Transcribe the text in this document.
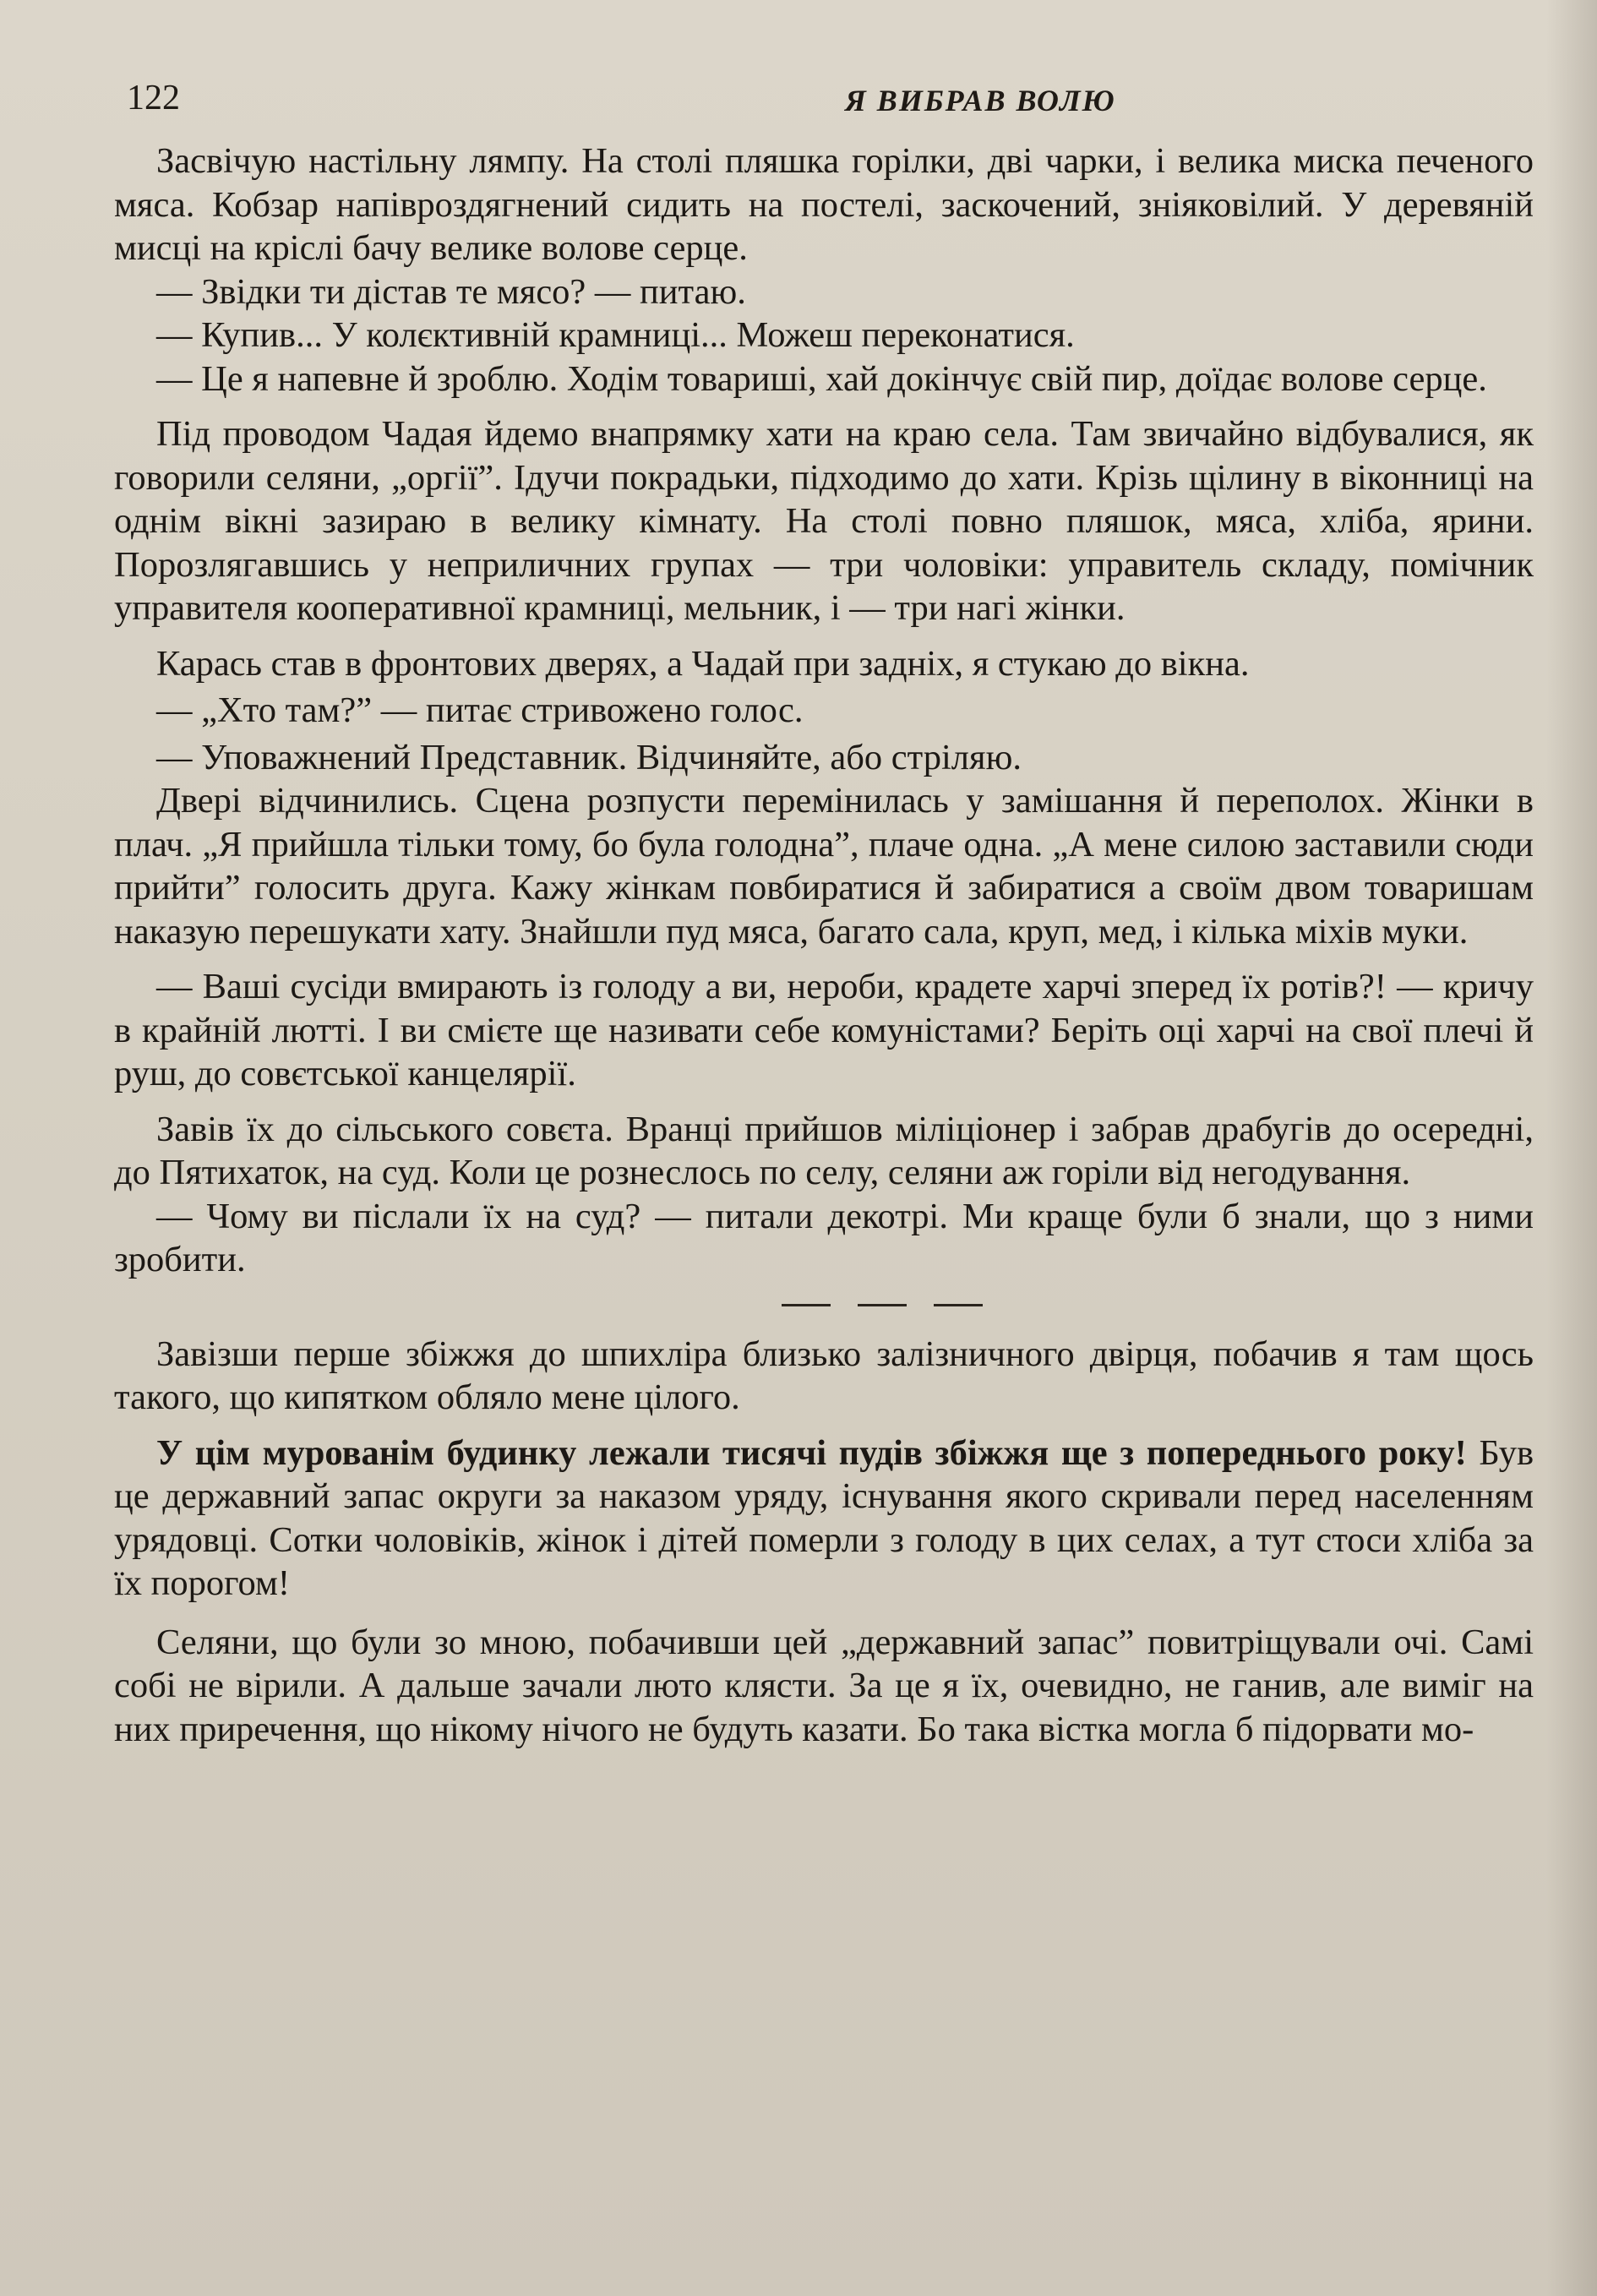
122	Я ВИБРАВ ВОЛЮ

Засвічую настільну лямпу. На столі пляшка горілки, дві чарки, і велика миска печеного мяса. Кобзар напівроздягнений сидить на постелі, заскочений, зніяковілий. У деревяній мисці на кріслі бачу велике волове серце.

— Звідки ти дістав те мясо? — питаю.

— Купив... У колєктивній крамниці... Можеш переконатися.

— Це я напевне й зроблю. Ходім товариші, хай докінчує свій пир, доїдає волове серце.

Під проводом Чадая йдемо внапрямку хати на краю села. Там звичайно відбувалися, як говорили селяни, „оргії”. Ідучи покрадьки, підходимо до хати. Крізь щілину в віконниці на однім вікні зазираю в велику кімнату. На столі повно пляшок, мяса, хліба, ярини. Порозлягавшись у неприличних групах — три чоловіки: управитель складу, помічник управителя кооперативної крамниці, мельник, і — три нагі жінки.

Карась став в фронтових дверях, а Чадай при задніх, я стукаю до вікна.

— „Хто там?” — питає стривожено голос.

— Уповажнений Представник. Відчиняйте, або стріляю.

Двері відчинились. Сцена розпусти перемінилась у замішання й переполох. Жінки в плач. „Я прийшла тільки тому, бо була голодна”, плаче одна. „А мене силою заставили сюди прийти” голосить друга. Кажу жінкам повбиратися й забиратися а своїм двом товаришам наказую перешукати хату. Знайшли пуд мяса, багато сала, круп, мед, і кілька міхів муки.

— Ваші сусіди вмирають із голоду а ви, нероби, крадете харчі зперед їх ротів?! — кричу в крайній лютті. І ви смієте ще називати себе комуністами? Беріть оці харчі на свої плечі й руш, до совєтської канцелярії.

Завів їх до сільського совєта. Вранці прийшов міліціонер і забрав драбугів до осередні, до Пятихаток, на суд. Коли це рознеслось по селу, селяни аж горіли від негодування.

— Чому ви післали їх на суд? — питали декотрі. Ми краще були б знали, що з ними зробити.

Завізши перше збіжжя до шпихліра близько залізничного двірця, побачив я там щось такого, що кипятком обляло мене цілого.

У цім мурованім будинку лежали тисячі пудів збіжжя ще з попереднього року! Був це державний запас округи за наказом уряду, існування якого скривали перед населенням урядовці. Сотки чоловіків, жінок і дітей померли з голоду в цих селах, а тут стоси хліба за їх порогом!

Селяни, що були зо мною, побачивши цей „державний запас” повитріщували очі. Самі собі не вірили. А дальше зачали люто клясти. За це я їх, очевидно, не ганив, але виміг на них приречення, що нікому нічого не будуть казати. Бо така вістка могла б підорвати мо-
